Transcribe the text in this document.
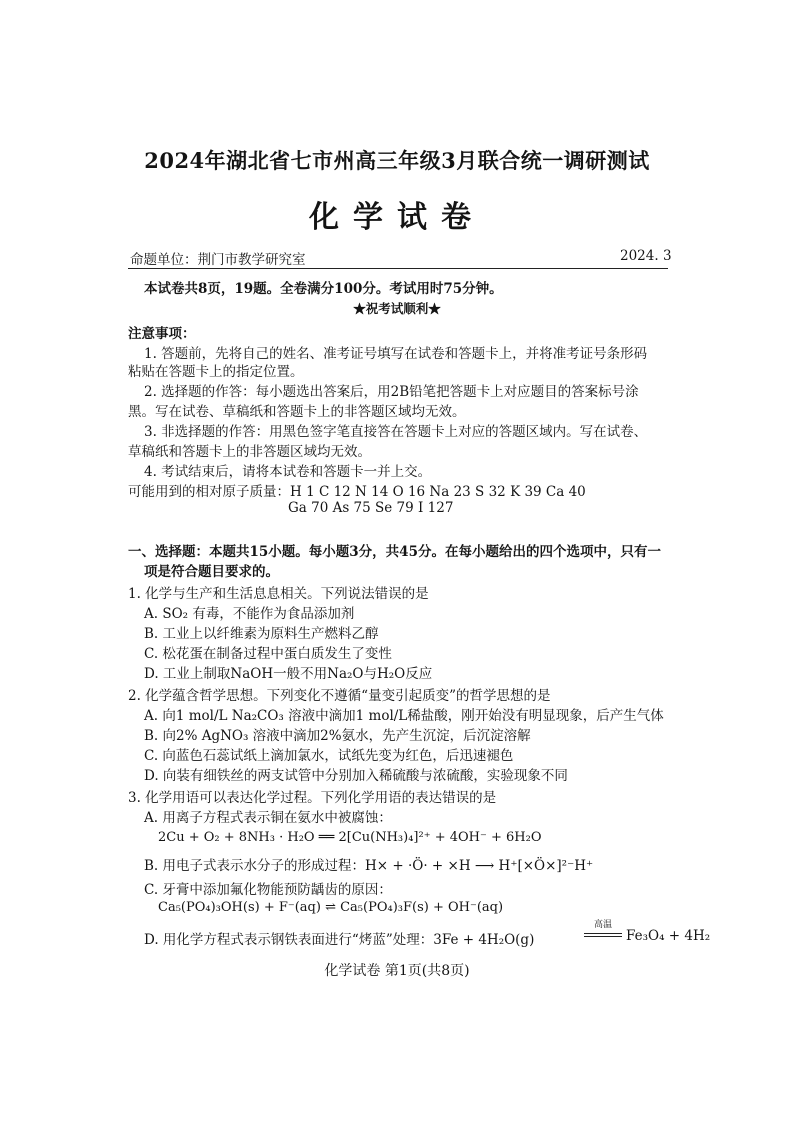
2024年湖北省七市州高三年级3月联合统一调研测试
化学试卷
命题单位：荆门市教学研究室	2024. 3
本试卷共8页，19题。全卷满分100分。考试用时75分钟。
★祝考试顺利★
注意事项：
1. 答题前，先将自己的姓名、准考证号填写在试卷和答题卡上，并将准考证号条形码
粘贴在答题卡上的指定位置。
2. 选择题的作答：每小题选出答案后，用2B铅笔把答题卡上对应题目的答案标号涂
黑。写在试卷、草稿纸和答题卡上的非答题区域均无效。
3. 非选择题的作答：用黑色签字笔直接答在答题卡上对应的答题区域内。写在试卷、
草稿纸和答题卡上的非答题区域均无效。
4. 考试结束后，请将本试卷和答题卡一并上交。
可能用到的相对原子质量：H 1 C 12 N 14 O 16 Na 23 S 32 K 39 Ca 40
Ga 70 As 75 Se 79 I 127
一、选择题：本题共15小题。每小题3分，共45分。在每小题给出的四个选项中，只有一
项是符合题目要求的。
1. 化学与生产和生活息息相关。下列说法错误的是
A. SO₂ 有毒，不能作为食品添加剂
B. 工业上以纤维素为原料生产燃料乙醇
C. 松花蛋在制备过程中蛋白质发生了变性
D. 工业上制取NaOH一般不用Na₂O与H₂O反应
2. 化学蕴含哲学思想。下列变化不遵循“量变引起质变”的哲学思想的是
A. 向1 mol/L Na₂CO₃ 溶液中滴加1 mol/L稀盐酸，刚开始没有明显现象，后产生气体
B. 向2% AgNO₃ 溶液中滴加2%氨水，先产生沉淀，后沉淀溶解
C. 向蓝色石蕊试纸上滴加氯水，试纸先变为红色，后迅速褪色
D. 向装有细铁丝的两支试管中分别加入稀硫酸与浓硫酸，实验现象不同
3. 化学用语可以表达化学过程。下列化学用语的表达错误的是
A. 用离子方程式表示铜在氨水中被腐蚀：
2Cu + O₂ + 8NH₃ · H₂O ══ 2[Cu(NH₃)₄]²⁺ + 4OH⁻ + 6H₂O
B. 用电子式表示水分子的形成过程：H× + ·Ö· + ×H ⟶ H⁺[×Ö×]²⁻H⁺
C. 牙膏中添加氟化物能预防龋齿的原因：
Ca₅(PO₄)₃OH(s) + F⁻(aq) ⇌ Ca₅(PO₄)₃F(s) + OH⁻(aq)
D. 用化学方程式表示钢铁表面进行“烤蓝”处理：3Fe + 4H₂O(g)
高温
Fe₃O₄ + 4H₂
化学试卷 第1页(共8页)
